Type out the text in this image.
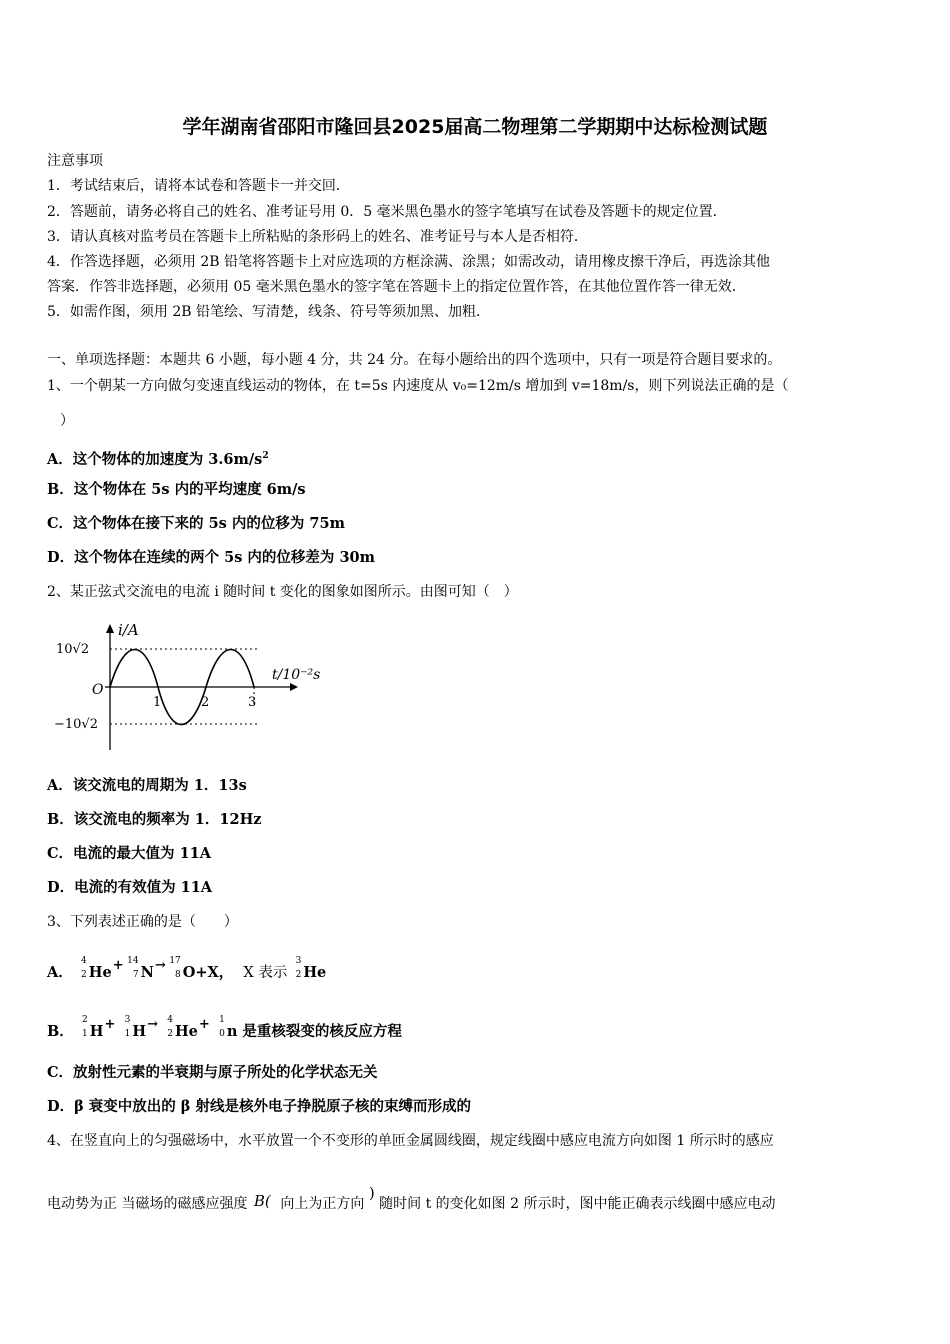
学年湖南省邵阳市隆回县2025届高二物理第二学期期中达标检测试题
注意事项
1．考试结束后，请将本试卷和答题卡一并交回．
2．答题前，请务必将自己的姓名、准考证号用 0．5 毫米黑色墨水的签字笔填写在试卷及答题卡的规定位置．
3．请认真核对监考员在答题卡上所粘贴的条形码上的姓名、准考证号与本人是否相符．
4．作答选择题，必须用 2B 铅笔将答题卡上对应选项的方框涂满、涂黑；如需改动，请用橡皮擦干净后，再选涂其他
答案．作答非选择题，必须用 05 毫米黑色墨水的签字笔在答题卡上的指定位置作答，在其他位置作答一律无效．
5．如需作图，须用 2B 铅笔绘、写清楚，线条、符号等须加黑、加粗．
一、单项选择题：本题共 6 小题，每小题 4 分，共 24 分。在每小题给出的四个选项中，只有一项是符合题目要求的。
1、一个朝某一方向做匀变速直线运动的物体，在 t=5s 内速度从 v₀=12m/s 增加到 v=18m/s，则下列说法正确的是（
）
A．这个物体的加速度为 $3.6m/s^2$
B．这个物体在 5s 内的平均速度 6m/s
C．这个物体在接下来的 5s 内的位移为 75m
D．这个物体在连续的两个 5s 内的位移差为 30m
2、某正弦式交流电的电流 i 随时间 t 变化的图象如图所示。由图可知（　）
i/A
t/10⁻²s
O
10√2
−10√2
1	2	3
A．该交流电的周期为 1．13s
B．该交流电的频率为 1．12Hz
C．电流的最大值为 11A
D．电流的有效值为 11A
3、下列表述正确的是（　　）
A．
4
2 He+ 14
7 N→ 17
8 O+X， X 表示
3
2 He
B．
2
1 H+ 3
1 H→ 4
2 He+ 1
0 n 是重核裂变的核反应方程
C．放射性元素的半衰期与原子所处的化学状态无关
D．β 衰变中放出的 β 射线是核外电子挣脱原子核的束缚而形成的
4、在竖直向上的匀强磁场中，水平放置一个不变形的单匝金属圆线圈，规定线圈中感应电流方向如图 1 所示时的感应
电动势为正 当磁场的磁感应强度 B( 向上为正方向 ) 随时间 t 的变化如图 2 所示时，图中能正确表示线圈中感应电动
